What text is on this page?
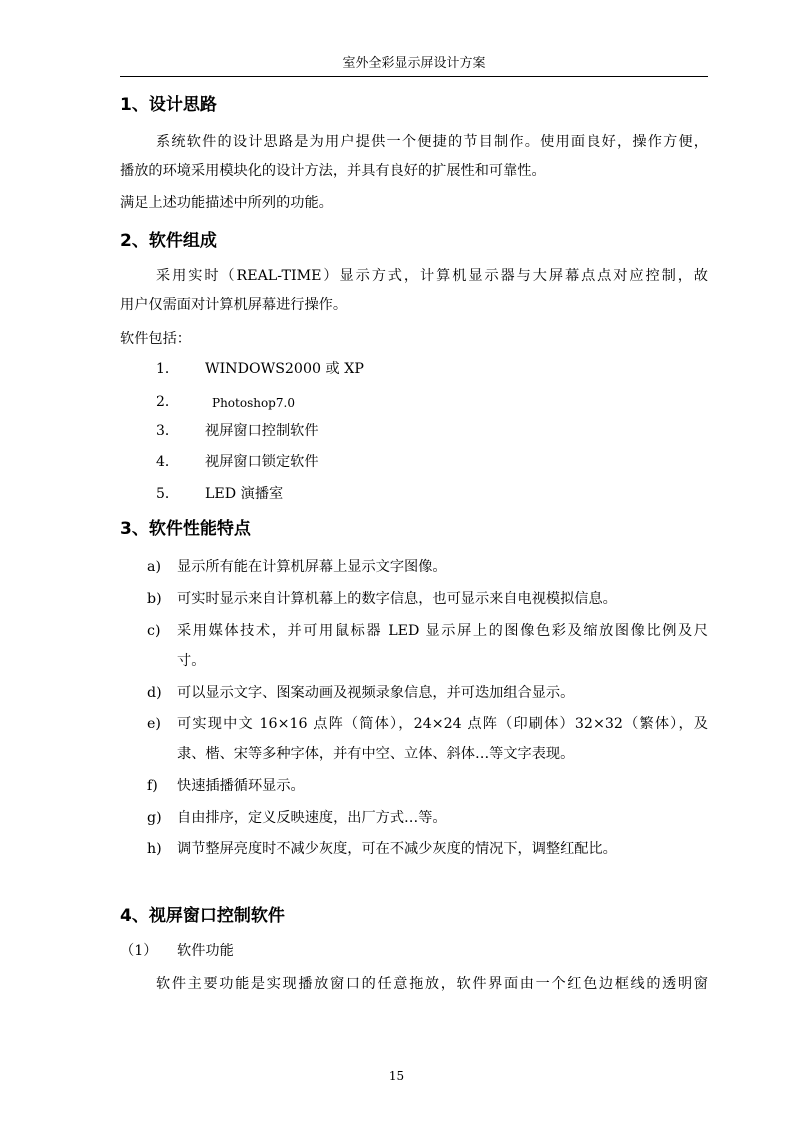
室外全彩显示屏设计方案
1、设计思路
系统软件的设计思路是为用户提供一个便捷的节目制作。使用面良好，操作方便，
播放的环境采用模块化的设计方法，并具有良好的扩展性和可靠性。
满足上述功能描述中所列的功能。
2、软件组成
采用实时（REAL-TIME）显示方式，计算机显示器与大屏幕点点对应控制，故
用户仅需面对计算机屏幕进行操作。
软件包括：
1． WINDOWS2000 或 XP
2．	Photoshop7.0
3． 视屏窗口控制软件
4． 视屏窗口锁定软件
5． LED 演播室
3、软件性能特点
a) 显示所有能在计算机屏幕上显示文字图像。
b) 可实时显示来自计算机幕上的数字信息，也可显示来自电视模拟信息。
c) 采用媒体技术，并可用鼠标器 LED 显示屏上的图像色彩及缩放图像比例及尺
寸。
d) 可以显示文字、图案动画及视频录象信息，并可迭加组合显示。
e) 可实现中文 16×16 点阵（简体），24×24 点阵（印刷体）32×32（繁体），及
隶、楷、宋等多种字体，并有中空、立体、斜体…等文字表现。
f) 快速插播循环显示。
g) 自由排序，定义反映速度，出厂方式…等。
h) 调节整屏亮度时不减少灰度，可在不减少灰度的情况下，调整红配比。
4、视屏窗口控制软件
（1） 软件功能
软件主要功能是实现播放窗口的任意拖放，软件界面由一个红色边框线的透明窗
15
